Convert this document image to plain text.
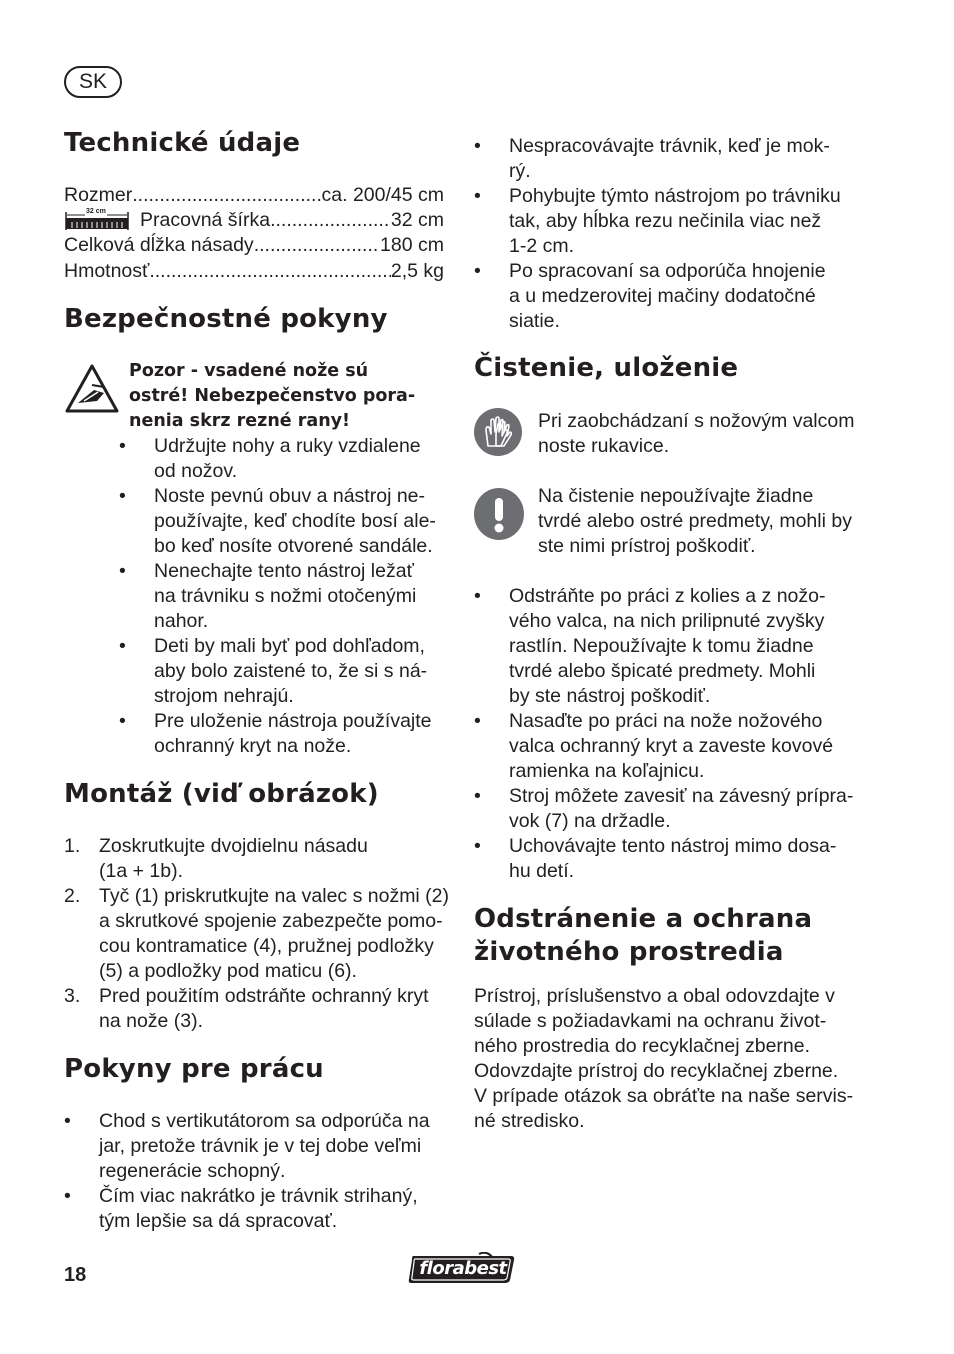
SK
Technické údaje
Rozmer .....	ca. 200/45 cm
32 cm Pracovná šírka .....	32 cm
Celková dĺžka násady .....	180 cm
Hmotnosť .....	2,5 kg
Bezpečnostné pokyny
Pozor - vsadené nože sú
ostré! Nebezpečenstvo pora-
nenia skrz rezné rany!
• Udržujte nohy a ruky vzdialene
od nožov.
• Noste pevnú obuv a nástroj ne-
používajte, keď chodíte bosí ale-
bo keď nosíte otvorené sandále.
• Nenechajte tento nástroj ležať
na trávniku s nožmi otočenými
nahor.
• Deti by mali byť pod dohľadom,
aby bolo zaistené to, že si s ná-
strojom nehrajú.
• Pre uloženie nástroja používajte
ochranný kryt na nože.
Montáž (viď obrázok)
1. Zoskrutkujte dvojdielnu násadu
(1a + 1b).
2. Tyč (1) priskrutkujte na valec s nožmi (2)
a skrutkové spojenie zabezpečte pomo-
cou kontramatice (4), pružnej podložky
(5) a podložky pod maticu (6).
3. Pred použitím odstráňte ochranný kryt
na nože (3).
Pokyny pre prácu
• Chod s vertikutátorom sa odporúča na
jar, pretože trávnik je v tej dobe veľmi
regenerácie schopný.
• Čím viac nakrátko je trávnik strihaný,
tým lepšie sa dá spracovať.
• Nespracovávajte trávnik, keď je mok-
rý.
• Pohybujte týmto nástrojom po trávniku
tak, aby hĺbka rezu nečinila viac než
1-2 cm.
• Po spracovaní sa odporúča hnojenie
a u medzerovitej mačiny dodatočné
siatie.
Čistenie, uloženie
Pri zaobchádzaní s nožovým valcom
noste rukavice.
Na čistenie nepoužívajte žiadne
tvrdé alebo ostré predmety, mohli by
ste nimi prístroj poškodiť.
• Odstráňte po práci z kolies a z nožo-
vého valca, na nich prilipnuté zvyšky
rastlín. Nepoužívajte k tomu žiadne
tvrdé alebo špicaté predmety. Mohli
by ste nástroj poškodiť.
• Nasaďte po práci na nože nožového
valca ochranný kryt a zaveste kovové
ramienka na koľajnicu.
• Stroj môžete zavesiť na závesný prípra-
vok (7) na držadle.
• Uchovávajte tento nástroj mimo dosa-
hu detí.
Odstránenie a ochrana
životného prostredia
Prístroj, príslušenstvo a obal odovzdajte v
súlade s požiadavkami na ochranu život-
ného prostredia do recyklačnej zberne.
Odovzdajte prístroj do recyklačnej zberne.
V prípade otázok sa obráťte na naše servis-
né stredisko.
18	florabest
